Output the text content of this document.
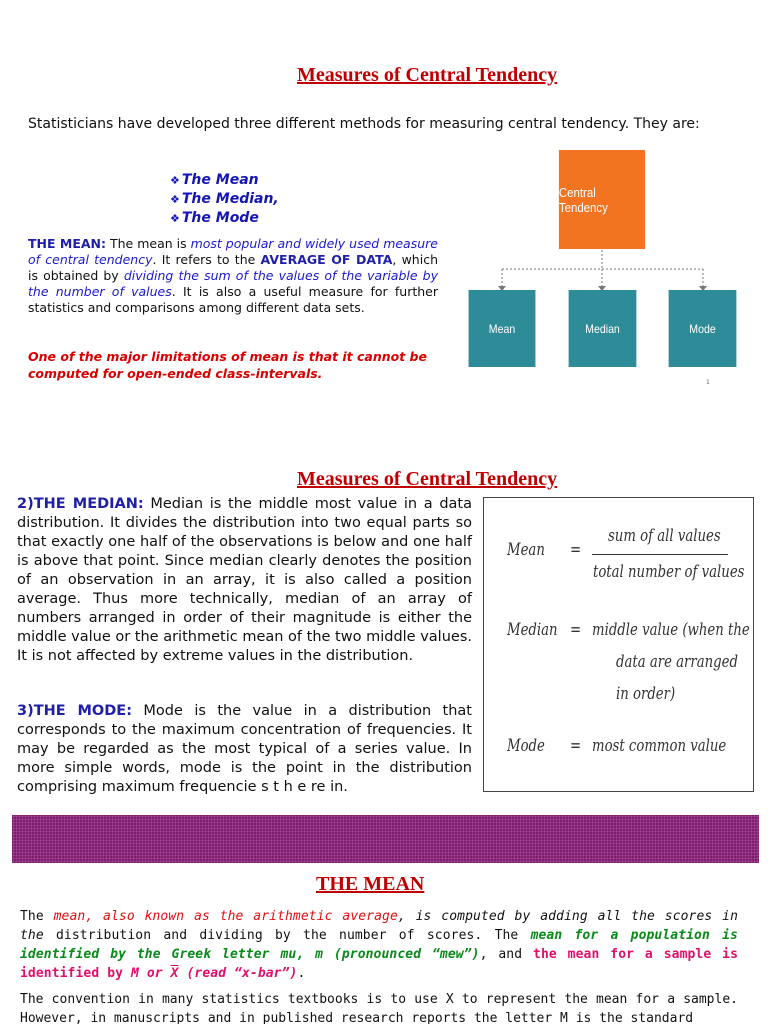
Measures of Central Tendency
Statisticians have developed three different methods for measuring central tendency. They are:
❖ The Mean
❖ The Median,
❖ The Mode
THE MEAN: The mean is most popular and widely used measure of central tendency. It refers to the AVERAGE OF DATA, which is obtained by dividing the sum of the values of the variable by the number of values. It is also a useful measure for further statistics and comparisons among different data sets.
One of the major limitations of mean is that it cannot be computed for open-ended class-intervals.
Central Tendency
Mean	Median	Mode
1
Measures of Central Tendency
2)THE MEDIAN: Median is the middle most value in a data distribution. It divides the distribution into two equal parts so that exactly one half of the observations is below and one half is above that point. Since median clearly denotes the position of an observation in an array, it is also called a position average. Thus more technically, median of an array of numbers arranged in order of their magnitude is either the middle value or the arithmetic mean of the two middle values. It is not affected by extreme values in the distribution.
3)THE MODE: Mode is the value in a distribution that corresponds to the maximum concentration of frequencies. It may be regarded as the most typical of a series value. In more simple words, mode is the point in the distribution comprising maximum frequencie s t h e re in.
Mean =
sum of all values
total number of values
Median = middle value (when the
data are arranged
in order)
Mode = most common value
THE MEAN
The mean, also known as the arithmetic average, is computed by adding all the scores in the distribution and dividing by the number of scores. The mean for a population is identified by the Greek letter mu, m (pronounced “mew”), and the mean for a sample is identified by M or $\overline{X}$ (read “x-bar”).
The convention in many statistics textbooks is to use X to represent the mean for a sample. However, in manuscripts and in published research reports the letter M is the standard
